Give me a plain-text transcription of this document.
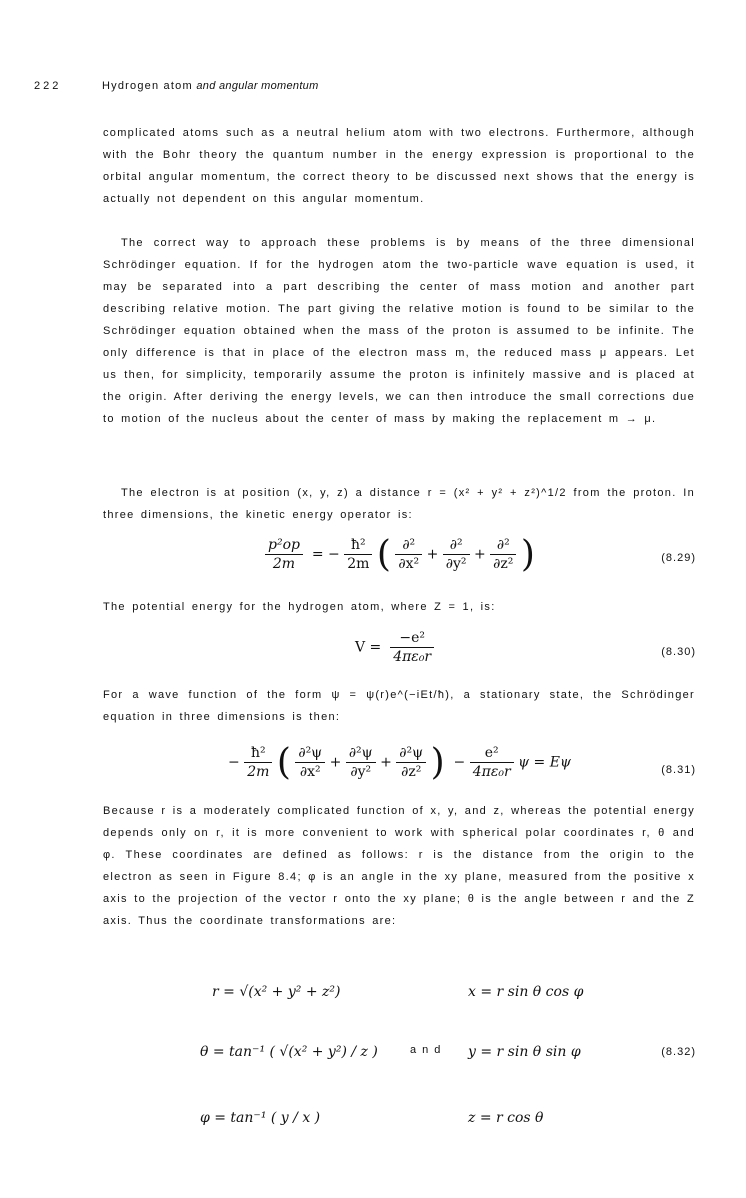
222	Hydrogen atom and angular momentum

complicated atoms such as a neutral helium atom with two electrons. Furthermore, although with the Bohr theory the quantum number in the energy expression is proportional to the orbital angular momentum, the correct theory to be discussed next shows that the energy is actually not dependent on this angular momentum.

The correct way to approach these problems is by means of the three dimensional Schrödinger equation. If for the hydrogen atom the two-particle wave equation is used, it may be separated into a part describing the center of mass motion and another part describing relative motion. The part giving the relative motion is found to be similar to the Schrödinger equation obtained when the mass of the proton is assumed to be infinite. The only difference is that in place of the electron mass m, the reduced mass μ appears. Let us then, for simplicity, temporarily assume the proton is infinitely massive and is placed at the origin. After deriving the energy levels, we can then introduce the small corrections due to motion of the nucleus about the center of mass by making the replacement m → μ.

The electron is at position (x, y, z) a distance r = (x² + y² + z²)^1/2 from the proton. In three dimensions, the kinetic energy operator is:

$\frac{\text{p²op}}{2m}$ = − $\frac{\text{ħ²}}{2m}$ ( $\frac{\text{∂²}}{\text{∂x²}} + \frac{\text{∂²}}{\text{∂y²}} + \frac{\text{∂²}}{\text{∂z²}}$ )	(8.29)

The potential energy for the hydrogen atom, where Z = 1, is:

$V = \frac{\text{−e²}}{\text{4πε₀r}}$	(8.30)

For a wave function of the form ψ = ψ(r)e^(−iEt/ħ), a stationary state, the Schrödinger equation in three dimensions is then:

− $\frac{\text{ħ²}}{2m}$ ( $\frac{\text{∂²ψ}}{\text{∂x²}} + \frac{\text{∂²ψ}}{\text{∂y²}} + \frac{\text{∂²ψ}}{\text{∂z²}}$ )  − $\frac{\text{e²}}{\text{4πε₀r}}$ ψ = Eψ	(8.31)

Because r is a moderately complicated function of x, y, and z, whereas the potential energy depends only on r, it is more convenient to work with spherical polar coordinates r, θ and φ. These coordinates are defined as follows: r is the distance from the origin to the electron as seen in Figure 8.4; φ is an angle in the xy plane, measured from the positive x axis to the projection of the vector r onto the xy plane; θ is the angle between r and the Z axis. Thus the coordinate transformations are:

r = √(x² + y² + z²)	x = r sin θ cos φ
θ = tan⁻¹ ( √(x² + y²) / z )	and y = r sin θ sin φ	(8.32)
φ = tan⁻¹ ( y / x )	z = r cos θ
